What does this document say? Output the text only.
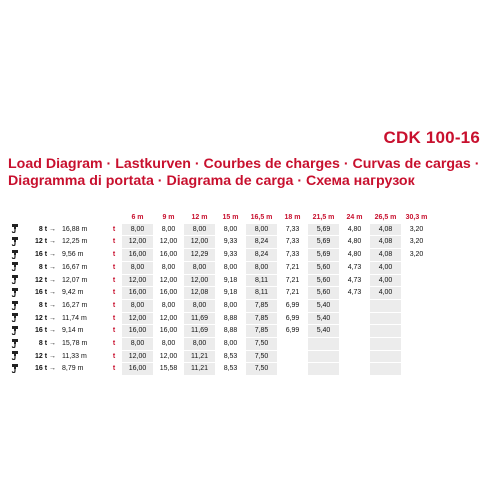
CDK 100-16
Load Diagram · Lastkurven · Courbes de charges · Curvas de cargas ·
Diagramma di portata · Diagrama de carga · Схема нагрузок
				6 m	9 m	12 m	15 m	16,5 m	18 m	21,5 m	24 m	26,5 m	30,3 m
	8 t →	16,88 m	t	8,00	8,00	8,00	8,00	8,00	7,33	5,69	4,80	4,08	3,20
	12 t →	12,25 m	t	12,00	12,00	12,00	9,33	8,24	7,33	5,69	4,80	4,08	3,20
	16 t →	9,56 m	t	16,00	16,00	12,29	9,33	8,24	7,33	5,69	4,80	4,08	3,20
	8 t →	16,67 m	t	8,00	8,00	8,00	8,00	8,00	7,21	5,60	4,73	4,00	
	12 t →	12,07 m	t	12,00	12,00	12,00	9,18	8,11	7,21	5,60	4,73	4,00	
	16 t →	9,42 m	t	16,00	16,00	12,08	9,18	8,11	7,21	5,60	4,73	4,00	
	8 t →	16,27 m	t	8,00	8,00	8,00	8,00	7,85	6,99	5,40			
	12 t →	11,74 m	t	12,00	12,00	11,69	8,88	7,85	6,99	5,40			
	16 t →	9,14 m	t	16,00	16,00	11,69	8,88	7,85	6,99	5,40			
	8 t →	15,78 m	t	8,00	8,00	8,00	8,00	7,50					
	12 t →	11,33 m	t	12,00	12,00	11,21	8,53	7,50					
	16 t →	8,79 m	t	16,00	15,58	11,21	8,53	7,50					
